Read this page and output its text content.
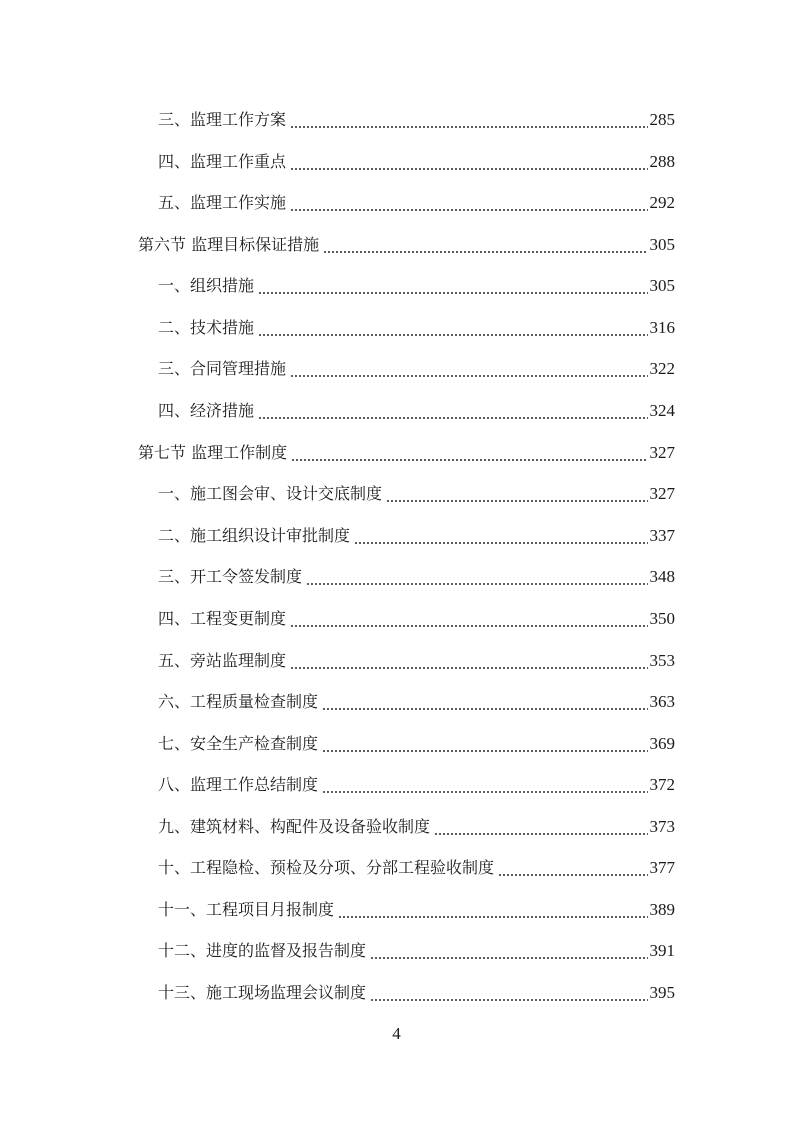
三、监理工作方案	285
四、监理工作重点	288
五、监理工作实施	292
第六节 监理目标保证措施	305
一、组织措施	305
二、技术措施	316
三、合同管理措施	322
四、经济措施	324
第七节 监理工作制度	327
一、施工图会审、设计交底制度	327
二、施工组织设计审批制度	337
三、开工令签发制度	348
四、工程变更制度	350
五、旁站监理制度	353
六、工程质量检查制度	363
七、安全生产检查制度	369
八、监理工作总结制度	372
九、建筑材料、构配件及设备验收制度	373
十、工程隐检、预检及分项、分部工程验收制度	377
十一、工程项目月报制度	389
十二、进度的监督及报告制度	391
十三、施工现场监理会议制度	395
4
